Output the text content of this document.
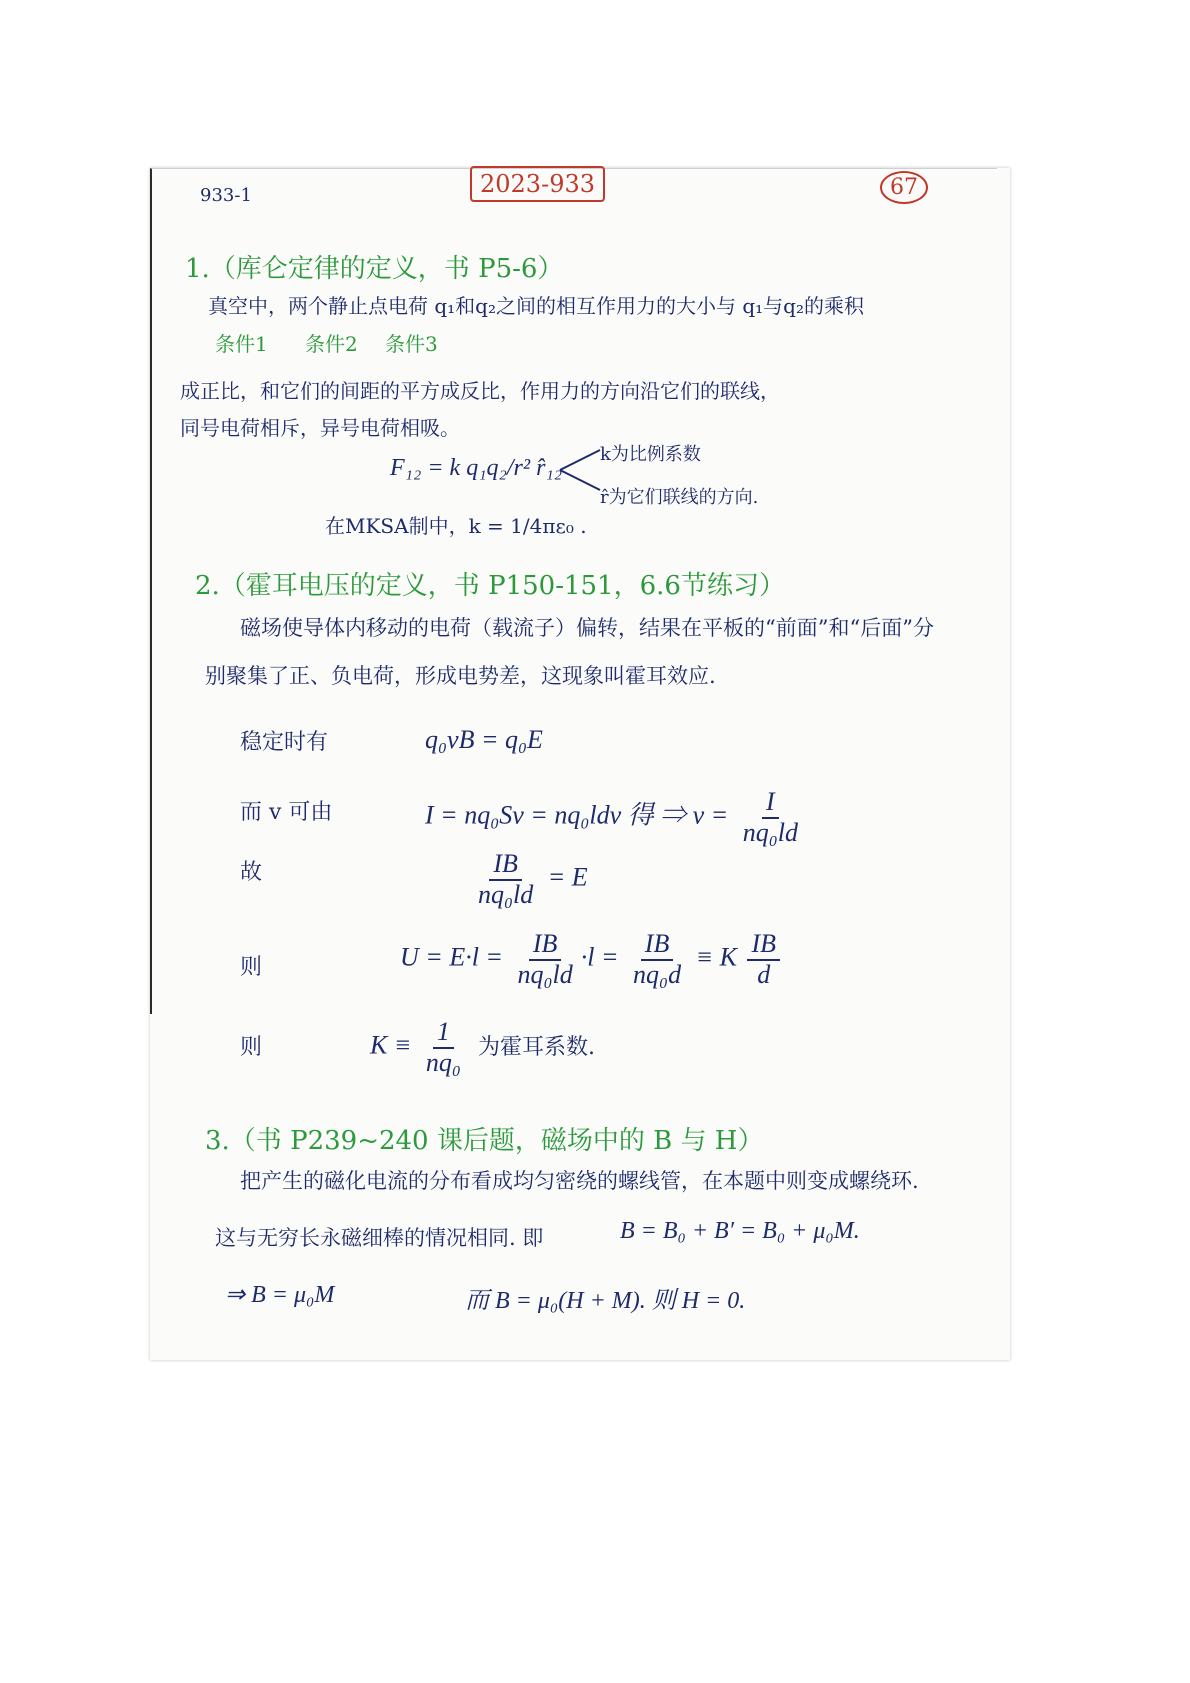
933-1	2023-933	67
1.（库仑定律的定义，书 P5-6）
真空中，两个静止点电荷 q₁和q₂之间的相互作用力的大小与 q₁与q₂的乘积
条件1 条件2 条件3
成正比，和它们的间距的平方成反比，作用力的方向沿它们的联线，
同号电荷相斥，异号电荷相吸。
F₁₂ = k q₁q₂/r² r̂₁₂
k为比例系数
r̂为它们联线的方向.
在MKSA制中，k = 1/4πε₀ .
2.（霍耳电压的定义，书 P150-151，6.6节练习）
磁场使导体内移动的电荷（载流子）偏转，结果在平板的“前面”和“后面”分
别聚集了正、负电荷，形成电势差，这现象叫霍耳效应.
稳定时有	q₀vB = q₀E
而 v 可由	I = nq₀Sv = nq₀ldv 得 ⇒ $v = \frac{I}{\text{nq₀ld}}$
故	$\frac{IB}{\text{nq₀ld}} = E$
则	$U = E\cdot l = \frac{IB}{\text{nq₀ld}} \cdot l = \frac{IB}{\text{nq₀d}} \equiv K \frac{IB}{d}$
则	$K \equiv \frac{1}{\text{nq₀}}$ 为霍耳系数.
3.（书 P239~240 课后题，磁场中的 B 与 H）
把产生的磁化电流的分布看成均匀密绕的螺线管，在本题中则变成螺绕环.
这与无穷长永磁细棒的情况相同. 即	B = B₀ + B′ = B₀ + μ₀M.
⇒ B = μ₀M	而 B = μ₀(H + M). 则 H = 0.
